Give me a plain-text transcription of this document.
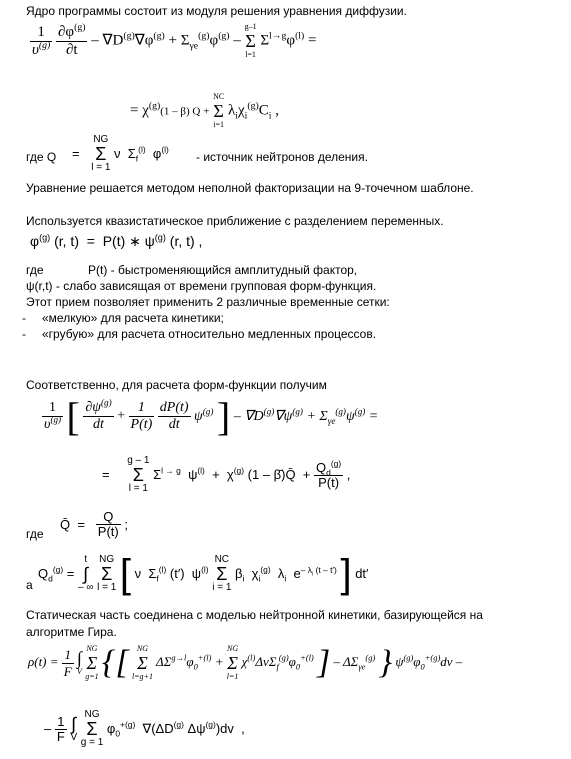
Ядро программы состоит из модуля решения уравнения диффузии.
$\frac{1}{\upsilon^{(g)}}$
$\frac{\partial\varphi^{(g)}}{\partial t} - \nabla D^{(g)}\nabla\varphi^{(g)} + \Sigma_{\gamma e}^{(g)}\varphi^{(g)}$ –
g–1
Σ
l=1
$\Sigma^{l\to g}\varphi^{(l)}$ =
= $\chi^{(g)}(1 - \beta) Q$ +
NC
Σ
i=1
$\lambda_i\chi_i^{(g)}C_i$ ,
где Q =
NG
Σ
l = 1
ν  $\Sigma_f^{(l)}$  $\varphi^{(l)}$
- источник нейтронов деления.
Уравнение решается методом неполной факторизации на 9-точечном шаблоне.
Используется квазистатическое приближение с разделением переменных.
$\varphi^{(g)}$ (r, t)  =  P(t) ∗ $\psi^{(g)}$ (r, t) ,
где	P(t) - быстроменяющийся амплитудный фактор,
ψ(r,t) - слабо зависящая от времени групповая форм-функция.
Этот прием позволяет применить 2 различные временные сетки:
- «мелкую» для расчета кинетики;
- «грубую» для расчета относительно медленных процессов.
Соответственно, для расчета форм-функции получим
$\frac{1}{\upsilon^{(g)}}$ [ $\frac{\partial\psi^{(g)}}{dt} + \frac{1}{P(t)}$
$\frac{dP(t)}{dt} \psi^{(g)}$ ] – $\nabla D^{(g)}\nabla\psi^{(g)} + \Sigma_{\gamma e}^{(g)}\psi^{(g)}$ =
=
g – 1
Σ
l = 1
$\Sigma^{l \to g}$  $\psi^{(l)} + \chi^{(g)}$ (1 – β̄)Q̄  + $\frac{Q_d^{(g)}}{P(t)}$ ,
где
Q̄  = $\frac{Q}{P(t)}$ ;
а
$Q_d^{(g)}$ =
t
∫
– ∞

NG
Σ
l = 1 [ ν  $\Sigma_f^{(l)}$ (t′)  $\psi^{(l)}$
NC
Σ
i = 1
$\beta_i$  $\chi_i^{(g)}$  $\lambda_i$  $e^{- \lambda_i (t - t')}$ ] dt′
Статическая часть соединена с моделью нейтронной кинетики, базирующейся на
алгоритме Гира.
$\rho(t) = \frac{1}{F}$
∫
V

NG
Σ
g=1 {[	NG
Σ
l=g+1
$\Delta\Sigma^{g\to l}\varphi_0^{+(l)}$ +
NG
Σ
l=1
$\chi^{(l)}\Delta\nu\Sigma_f^{(g)}\varphi_0^{+(l)}$ ] – $\Delta\Sigma_{\gamma e}^{(g)}$ } $\psi^{(g)}\varphi_0^{+(g)}d\nu$ –
– $\frac{1}{F}$
∫
V

NG
Σ
g = 1
$\varphi_0^{+(g)}$  ∇(ΔD$^{(g)}$ $\Delta\psi^{(g)})dv$  ,
